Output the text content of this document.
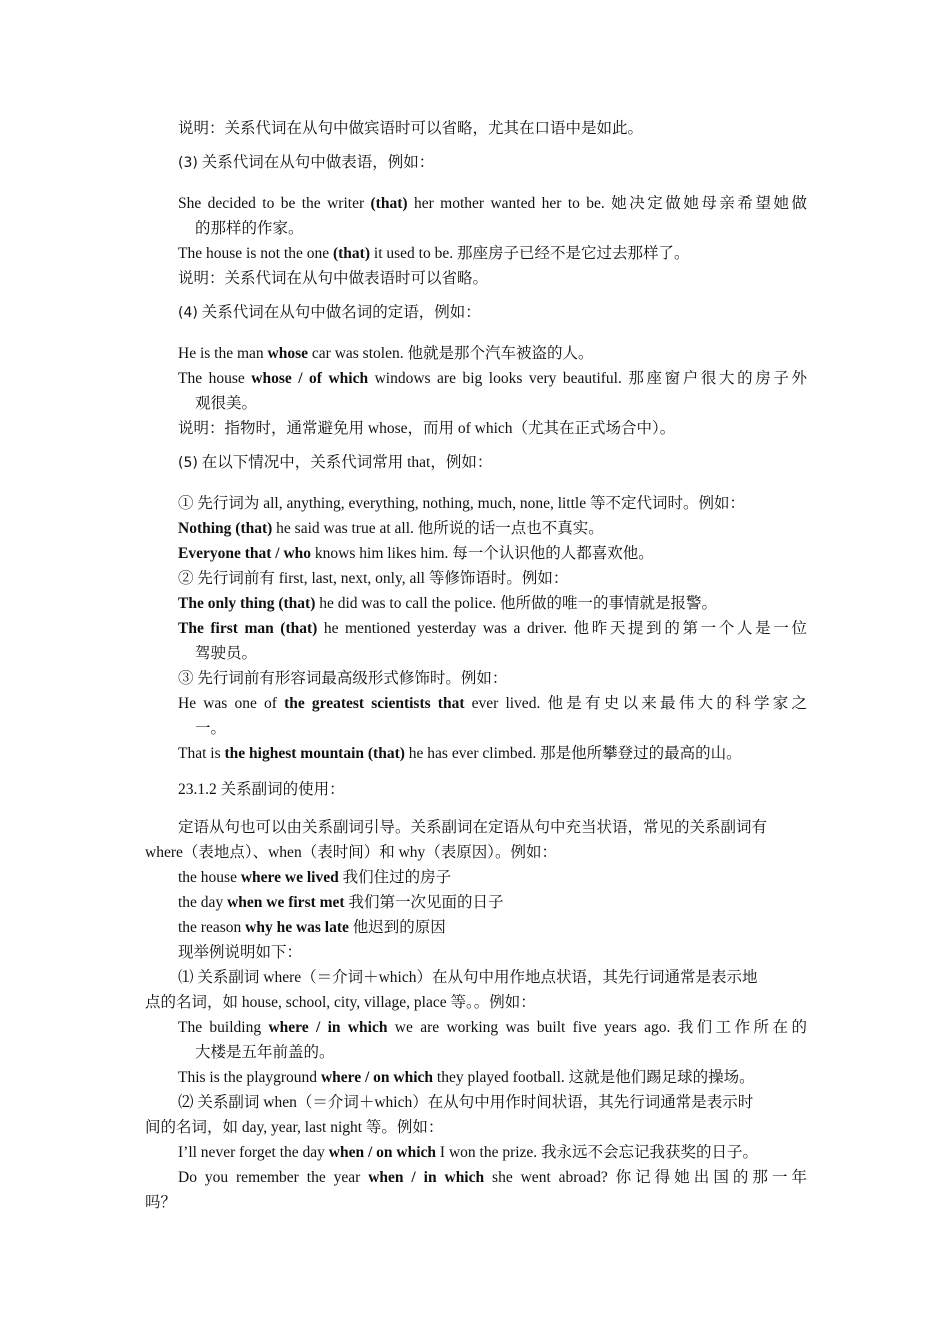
说明：关系代词在从句中做宾语时可以省略，尤其在口语中是如此。
(3) 关系代词在从句中做表语，例如：
She decided to be the writer (that) her mother wanted her to be. 她决定做她母亲希望她做
的那样的作家。
The house is not the one (that) it used to be. 那座房子已经不是它过去那样了。
说明：关系代词在从句中做表语时可以省略。
(4) 关系代词在从句中做名词的定语，例如：
He is the man whose car was stolen. 他就是那个汽车被盗的人。
The house whose / of which windows are big looks very beautiful. 那座窗户很大的房子外
观很美。
说明：指物时，通常避免用 whose，而用 of which（尤其在正式场合中）。
(5) 在以下情况中，关系代词常用 that，例如：
① 先行词为 all, anything, everything, nothing, much, none, little 等不定代词时。例如：
Nothing (that) he said was true at all. 他所说的话一点也不真实。
Everyone that / who knows him likes him. 每一个认识他的人都喜欢他。
② 先行词前有 first, last, next, only, all 等修饰语时。例如：
The only thing (that) he did was to call the police. 他所做的唯一的事情就是报警。
The first man (that) he mentioned yesterday was a driver. 他昨天提到的第一个人是一位
驾驶员。
③ 先行词前有形容词最高级形式修饰时。例如：
He was one of the greatest scientists that ever lived. 他是有史以来最伟大的科学家之
一。
That is the highest mountain (that) he has ever climbed. 那是他所攀登过的最高的山。
23.1.2 关系副词的使用：
定语从句也可以由关系副词引导。关系副词在定语从句中充当状语，常见的关系副词有
where（表地点）、when（表时间）和 why（表原因）。例如：
the house where we lived 我们住过的房子
the day when we first met 我们第一次见面的日子
the reason why he was late 他迟到的原因
现举例说明如下：
⑴ 关系副词 where（＝介词＋which）在从句中用作地点状语，其先行词通常是表示地
点的名词，如 house, school, city, village, place 等。。例如：
The building where / in which we are working was built five years ago. 我们工作所在的
大楼是五年前盖的。
This is the playground where / on which they played football. 这就是他们踢足球的操场。
⑵ 关系副词 when（＝介词＋which）在从句中用作时间状语，其先行词通常是表示时
间的名词，如 day, year, last night 等。例如：
I’ll never forget the day when / on which I won the prize. 我永远不会忘记我获奖的日子。
Do you remember the year when / in which she went abroad? 你记得她出国的那一年
吗？
